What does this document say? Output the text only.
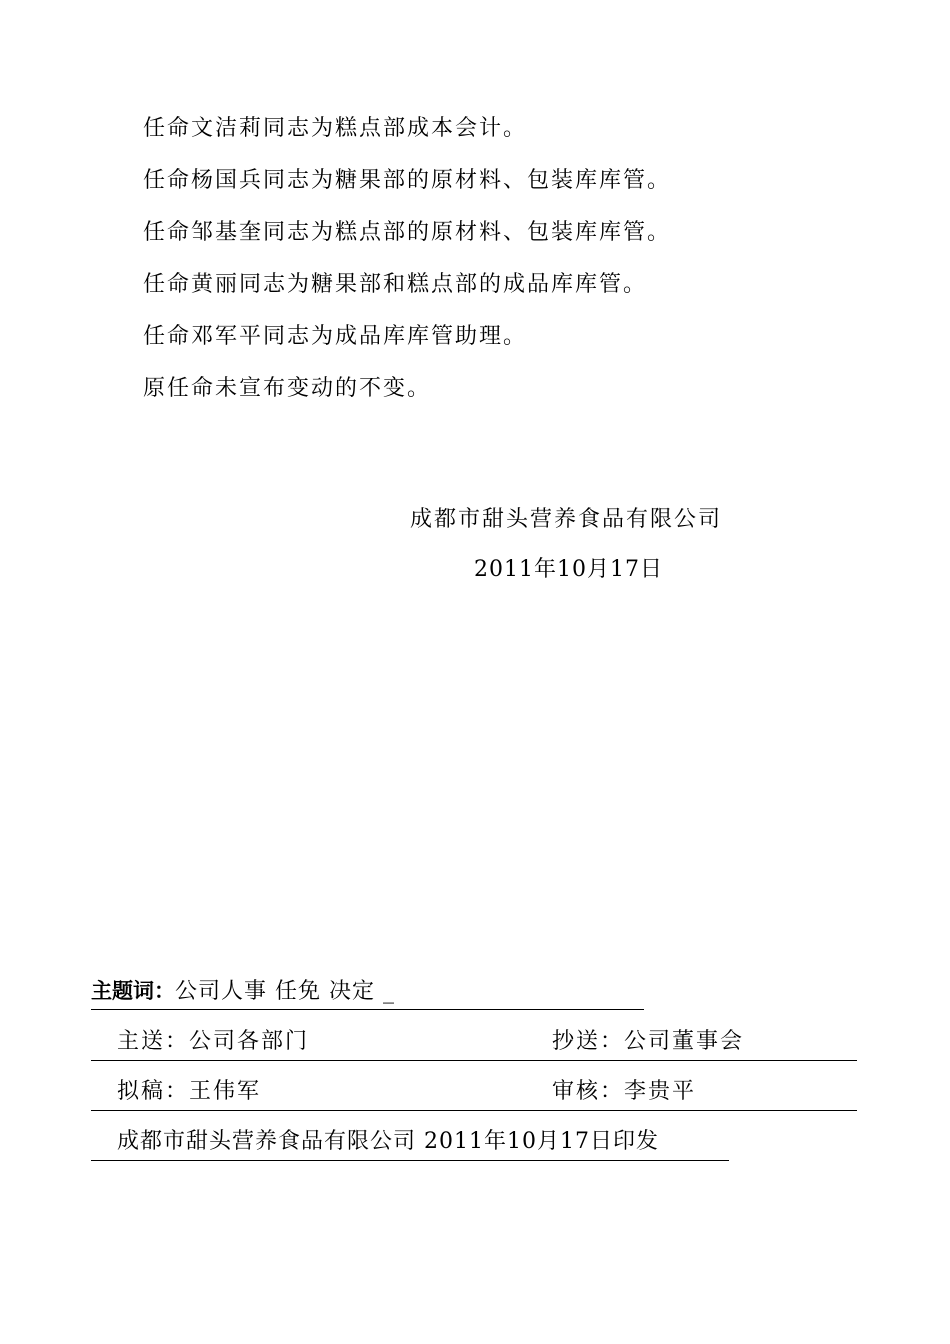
任命文洁莉同志为糕点部成本会计。
任命杨国兵同志为糖果部的原材料、包装库库管。
任命邹基奎同志为糕点部的原材料、包装库库管。
任命黄丽同志为糖果部和糕点部的成品库库管。
任命邓军平同志为成品库库管助理。
原任命未宣布变动的不变。
成都市甜头营养食品有限公司
2011年10月17日
主题词：公司人事 任免 决定 _
主送：公司各部门	抄送：公司董事会
拟稿：王伟军	审核：李贵平
成都市甜头营养食品有限公司 2011年10月17日印发
